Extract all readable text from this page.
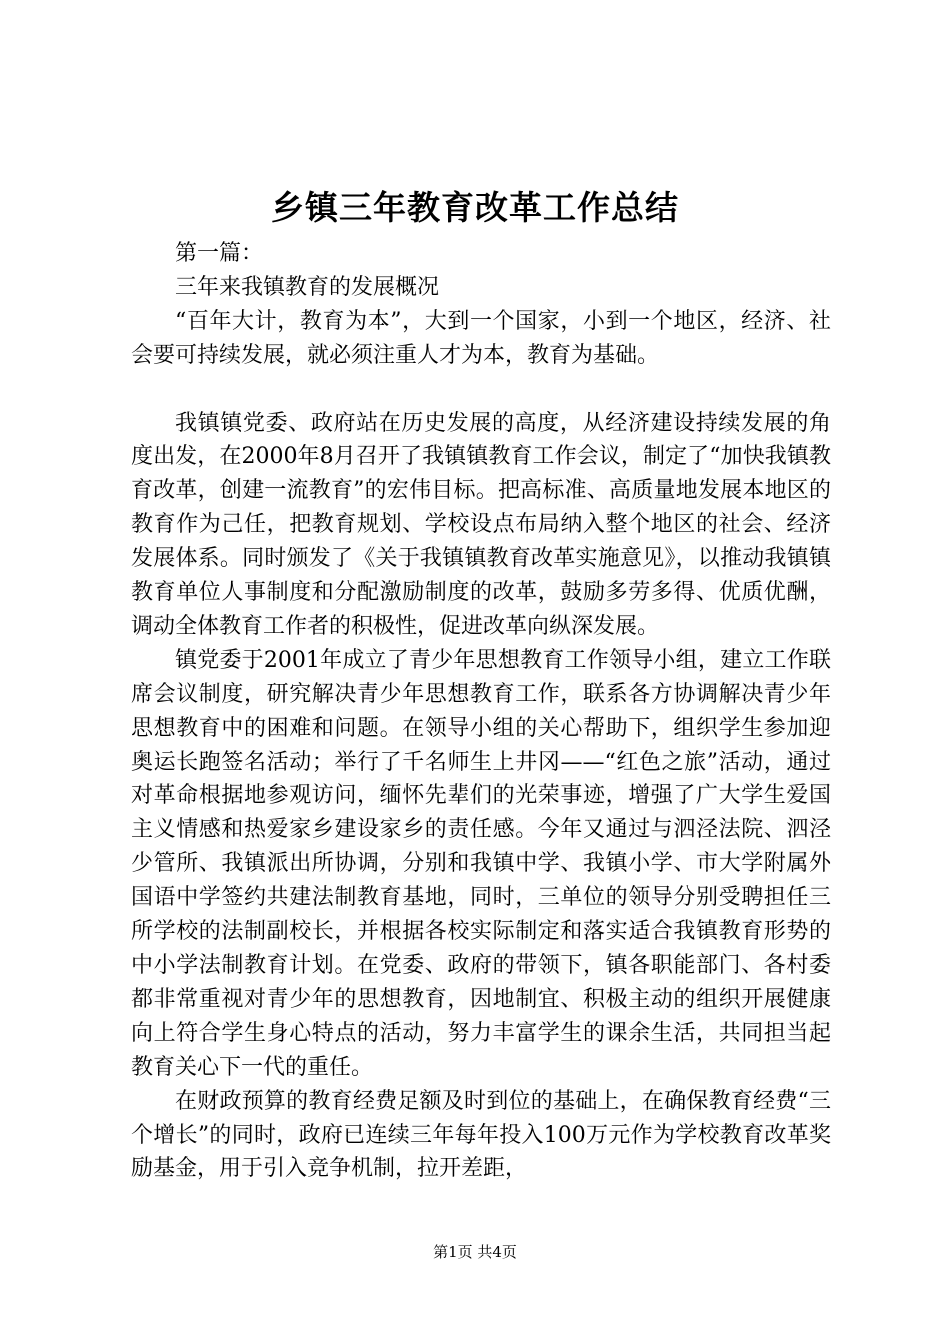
乡镇三年教育改革工作总结

第一篇：

三年来我镇教育的发展概况

“百年大计，教育为本”，大到一个国家，小到一个地区，经济、社会要可持续发展，就必须注重人才为本，教育为基础。

我镇镇党委、政府站在历史发展的高度，从经济建设持续发展的角度出发，在2000年8月召开了我镇镇教育工作会议，制定了“加快我镇教育改革，创建一流教育”的宏伟目标。把高标准、高质量地发展本地区的教育作为己任，把教育规划、学校设点布局纳入整个地区的社会、经济发展体系。同时颁发了《关于我镇镇教育改革实施意见》，以推动我镇镇教育单位人事制度和分配激励制度的改革，鼓励多劳多得、优质优酬，调动全体教育工作者的积极性，促进改革向纵深发展。

镇党委于2001年成立了青少年思想教育工作领导小组，建立工作联席会议制度，研究解决青少年思想教育工作，联系各方协调解决青少年思想教育中的困难和问题。在领导小组的关心帮助下，组织学生参加迎奥运长跑签名活动；举行了千名师生上井冈——“红色之旅”活动，通过对革命根据地参观访问，缅怀先辈们的光荣事迹，增强了广大学生爱国主义情感和热爱家乡建设家乡的责任感。今年又通过与泗泾法院、泗泾少管所、我镇派出所协调，分别和我镇中学、我镇小学、市大学附属外国语中学签约共建法制教育基地，同时，三单位的领导分别受聘担任三所学校的法制副校长，并根据各校实际制定和落实适合我镇教育形势的中小学法制教育计划。在党委、政府的带领下，镇各职能部门、各村委都非常重视对青少年的思想教育，因地制宜、积极主动的组织开展健康向上符合学生身心特点的活动，努力丰富学生的课余生活，共同担当起教育关心下一代的重任。

在财政预算的教育经费足额及时到位的基础上，在确保教育经费“三个增长”的同时，政府已连续三年每年投入100万元作为学校教育改革奖励基金，用于引入竞争机制，拉开差距，

第1页 共4页
